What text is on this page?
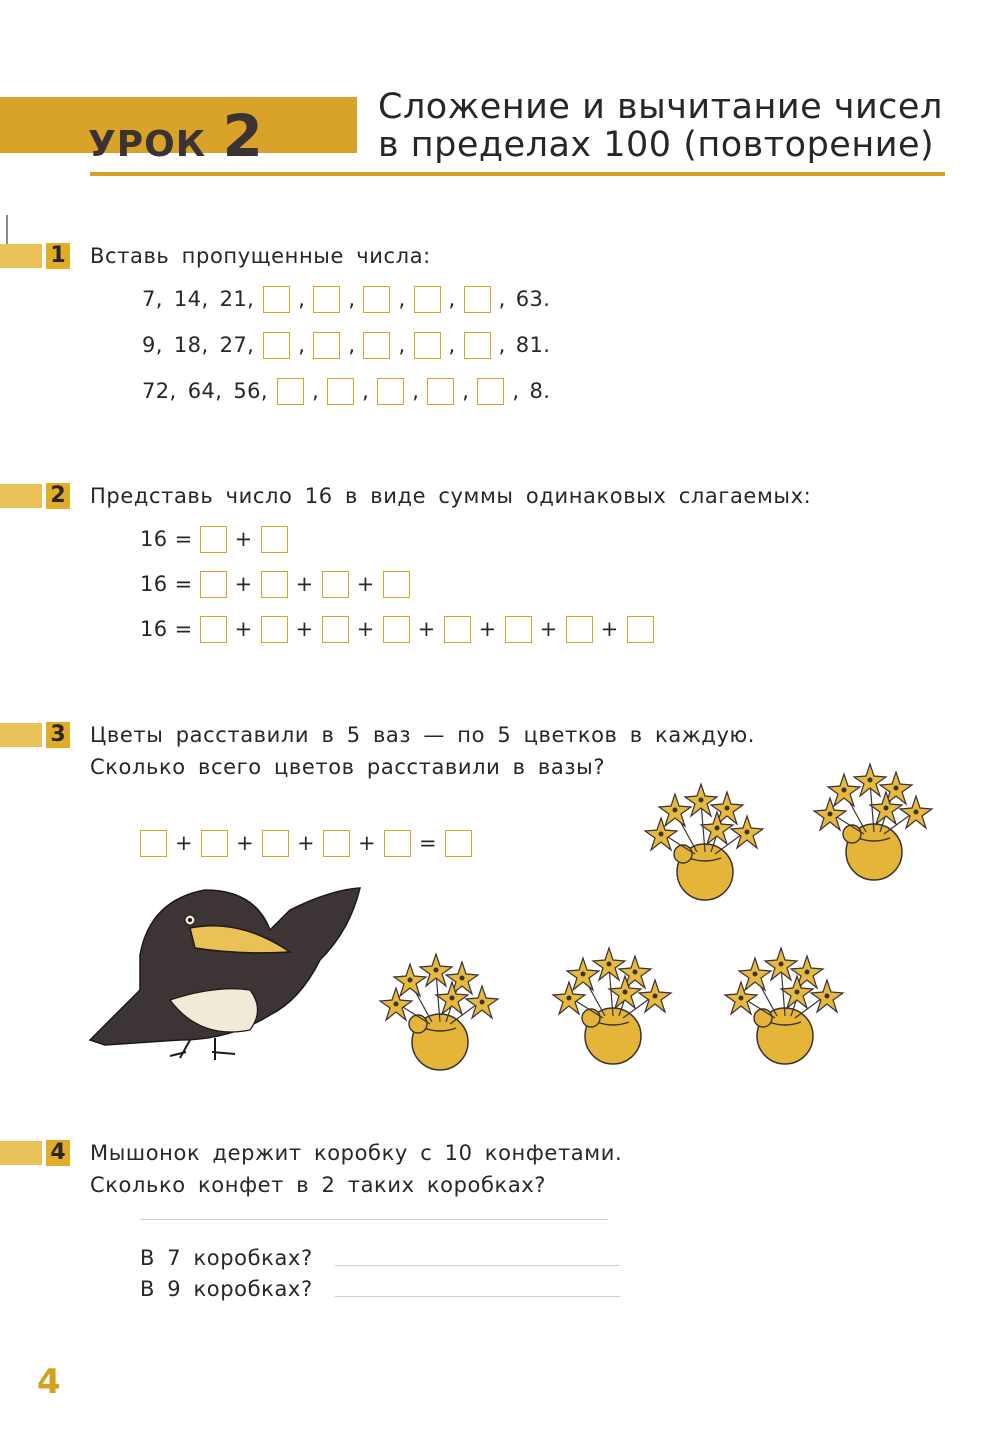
УРОК 2	Сложение и вычитание чисел
в пределах 100 (повторение)
1 Вставь пропущенные числа:
7,
14,
21,
	,	,	,	,	, 63.
9,
18,
27,
	,	,	,	,	, 81.
72,
64,
56,
	,	,	,	,	, 8.
2 Представь число 16 в виде суммы одинаковых слагаемых:
16 =
	+
16 =
	+	+	+
16 =
	+	+	+	+	+	+	+
3 Цветы расставили в 5 ваз — по 5 цветков в каждую.
Сколько всего цветов расставили в вазы?
+	+	+	+	=
4 Мышонок держит коробку с 10 конфетами.
Сколько конфет в 2 таких коробках?
В 7 коробках?
В 9 коробках?
4
